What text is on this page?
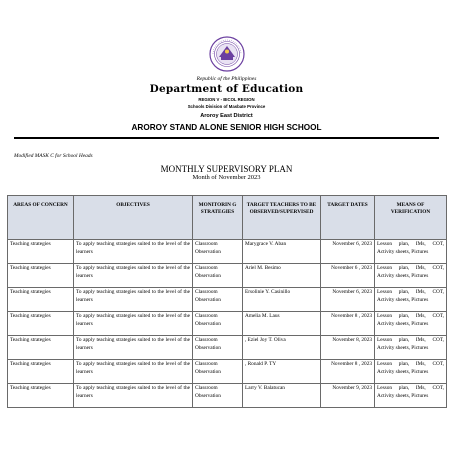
Republic of the Philippines
Department of Education
REGION V - BICOL REGION
Schools Division of Masbate Province
Aroroy East District
AROROY STAND ALONE SENIOR HIGH SCHOOL
Modified MASK C for School Heads
MONTHLY SUPERVISORY PLAN
Month of November 2023
AREAS OF CONCERN	OBJECTIVES	MONITORIN G STRATEGIES	TARGET TEACHERS TO BE OBSERVED/SUPERVISED	TARGET DATES	MEANS OF VERIFICATION
Teaching strategies	To apply teaching strategies suited to the level of the learners	Classroom Observation	Marygrace V. Aban	November 6, 2023	Lesson plan, IMs, COT, Activity sheets, Pictures
Teaching strategies	To apply teaching strategies suited to the level of the learners	Classroom Observation	Ariel M. Besimo	November 6 , 2023	Lesson plan, IMs, COT, Activity sheets, Pictures
Teaching strategies	To apply teaching strategies suited to the level of the learners	Classroom Observation	Ersolinie Y. Casinillo	November 6, 2023	Lesson plan, IMs, COT, Activity sheets, Pictures
Teaching strategies	To apply teaching strategies suited to the level of the learners	Classroom Observation	Amelia M. Laus	November 8 , 2023	Lesson plan, IMs, COT, Activity sheets, Pictures
Teaching strategies	To apply teaching strategies suited to the level of the learners	Classroom Observation	, Eziel Joy T. Oliva	November 8, 2023	Lesson plan, IMs, COT, Activity sheets, Pictures
Teaching strategies	To apply teaching strategies suited to the level of the learners	Classroom Observation	, Ronald P. TY	November 8 , 2023	Lesson plan, IMs, COT, Activity sheets, Pictures
Teaching strategies	To apply teaching strategies suited to the level of the learners	Classroom Observation	Larry V. Balatucan	November 9, 2023	Lesson plan, IMs, COT, Activity sheets, Pictures
